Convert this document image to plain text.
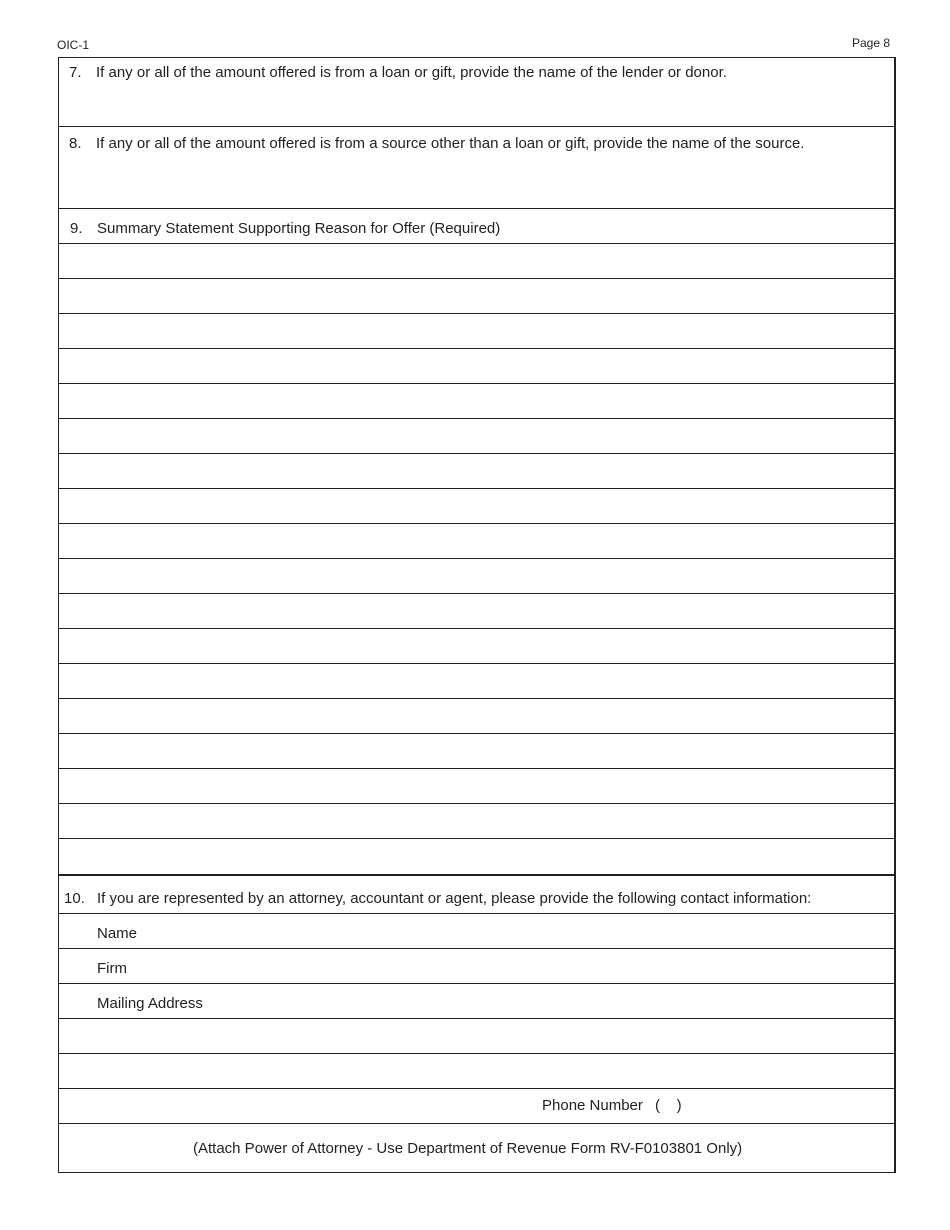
OIC-1	Page 8
7. If any or all of the amount offered is from a loan or gift, provide the name of the lender or donor.
8. If any or all of the amount offered is from a source other than a loan or gift, provide the name of the source.
9. Summary Statement Supporting Reason for Offer (Required)
10. If you are represented by an attorney, accountant or agent, please provide the following contact information:
Name
Firm
Mailing Address
Phone Number (    )
(Attach Power of Attorney - Use Department of Revenue Form RV-F0103801 Only)
